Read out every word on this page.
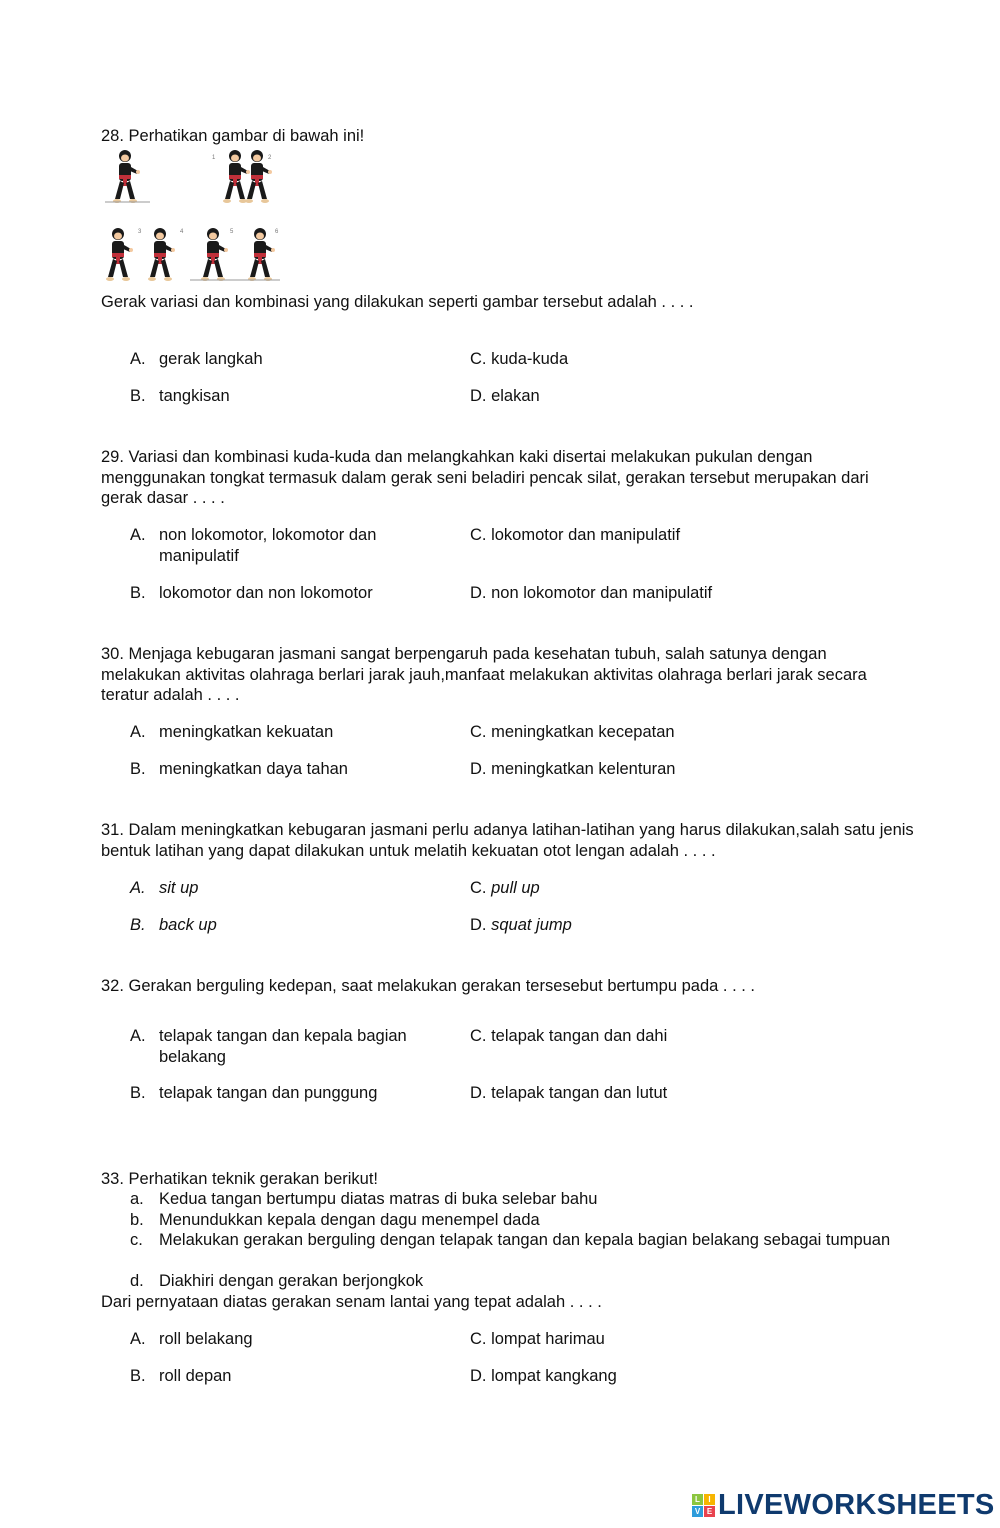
28. Perhatikan gambar di bawah ini!
1	2
3	4	5	6
Gerak variasi dan kombinasi yang dilakukan seperti gambar tersebut adalah . . . .
A. gerak langkah
B. tangkisan
C. kuda-kuda
D. elakan
29. Variasi dan kombinasi kuda-kuda dan melangkahkan kaki disertai melakukan pukulan dengan menggunakan tongkat termasuk dalam gerak seni beladiri pencak silat, gerakan tersebut merupakan dari gerak dasar . . . .
A. non lokomotor, lokomotor dan manipulatif
B. lokomotor dan non lokomotor
C. lokomotor dan manipulatif
D. non lokomotor dan manipulatif
30. Menjaga kebugaran jasmani sangat berpengaruh pada kesehatan tubuh, salah satunya dengan melakukan aktivitas olahraga berlari jarak jauh,manfaat melakukan aktivitas olahraga berlari jarak secara teratur adalah . . . .
A. meningkatkan kekuatan
B. meningkatkan daya tahan
C. meningkatkan kecepatan
D. meningkatkan kelenturan
31. Dalam meningkatkan kebugaran jasmani perlu adanya latihan-latihan yang harus dilakukan,salah satu jenis bentuk latihan yang dapat dilakukan untuk melatih kekuatan otot lengan adalah . . . .
A. sit up
B. back up
C. pull up
D. squat jump
32. Gerakan berguling kedepan, saat melakukan gerakan tersesebut bertumpu pada . . . .
A. telapak tangan dan kepala bagian belakang
B. telapak tangan dan punggung
C. telapak tangan dan dahi
D. telapak tangan dan lutut
33. Perhatikan teknik gerakan berikut!
a. Kedua tangan bertumpu diatas matras di buka selebar bahu
b. Menundukkan kepala dengan dagu menempel dada
c. Melakukan gerakan berguling dengan telapak tangan dan kepala bagian belakang sebagai tumpuan
d. Diakhiri dengan gerakan berjongkok
Dari pernyataan diatas gerakan senam lantai yang tepat adalah . . . .
A. roll belakang
B. roll depan
C. lompat harimau
D. lompat kangkang
L	I
V E LIVEWORKSHEETS
